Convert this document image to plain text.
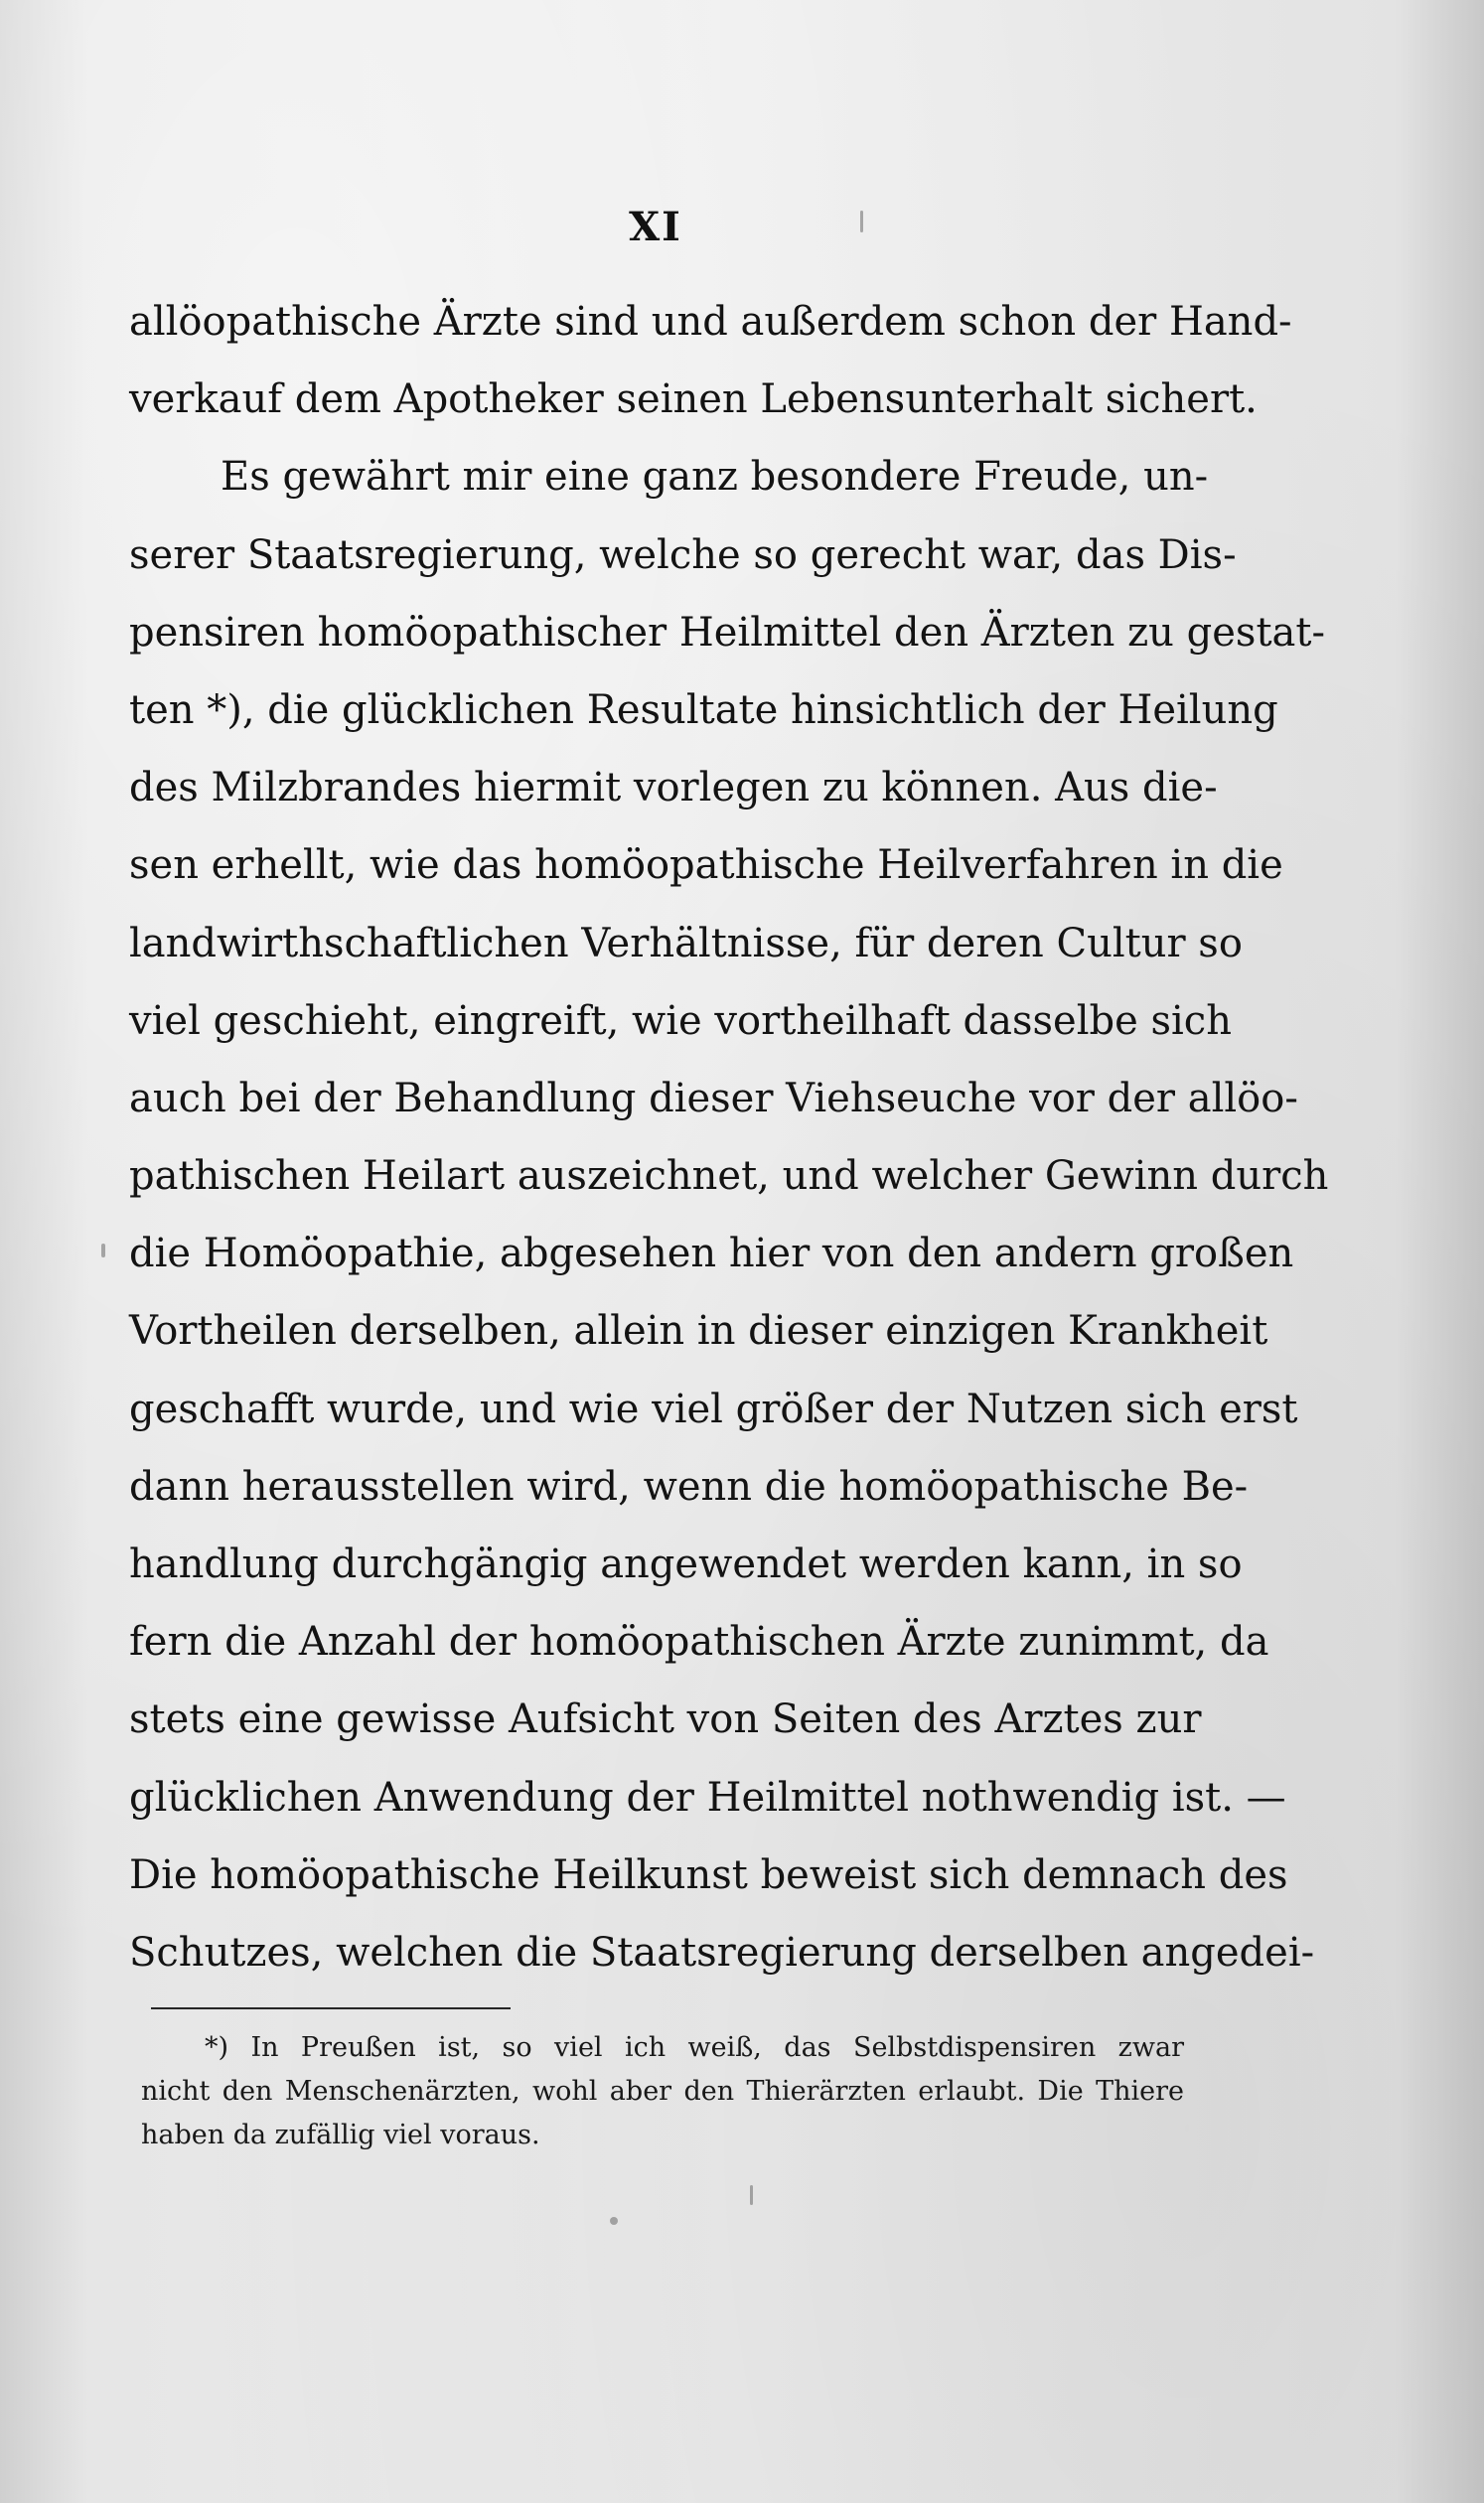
XI
allöopathische Ärzte sind und außerdem schon der Hand-
verkauf dem Apotheker seinen Lebensunterhalt sichert.
Es gewährt mir eine ganz besondere Freude, un-
serer Staatsregierung, welche so gerecht war, das Dis-
pensiren homöopathischer Heilmittel den Ärzten zu gestat-
ten *), die glücklichen Resultate hinsichtlich der Heilung
des Milzbrandes hiermit vorlegen zu können. Aus die-
sen erhellt, wie das homöopathische Heilverfahren in die
landwirthschaftlichen Verhältnisse, für deren Cultur so
viel geschieht, eingreift, wie vortheilhaft dasselbe sich
auch bei der Behandlung dieser Viehseuche vor der allöo-
pathischen Heilart auszeichnet, und welcher Gewinn durch
die Homöopathie, abgesehen hier von den andern großen
Vortheilen derselben, allein in dieser einzigen Krankheit
geschafft wurde, und wie viel größer der Nutzen sich erst
dann herausstellen wird, wenn die homöopathische Be-
handlung durchgängig angewendet werden kann, in so
fern die Anzahl der homöopathischen Ärzte zunimmt, da
stets eine gewisse Aufsicht von Seiten des Arztes zur
glücklichen Anwendung der Heilmittel nothwendig ist. —
Die homöopathische Heilkunst beweist sich demnach des
Schutzes, welchen die Staatsregierung derselben angedei-
*) In Preußen ist, so viel ich weiß, das Selbstdispensiren zwar
nicht den Menschenärzten, wohl aber den Thierärzten erlaubt. Die Thiere
haben da zufällig viel voraus.
